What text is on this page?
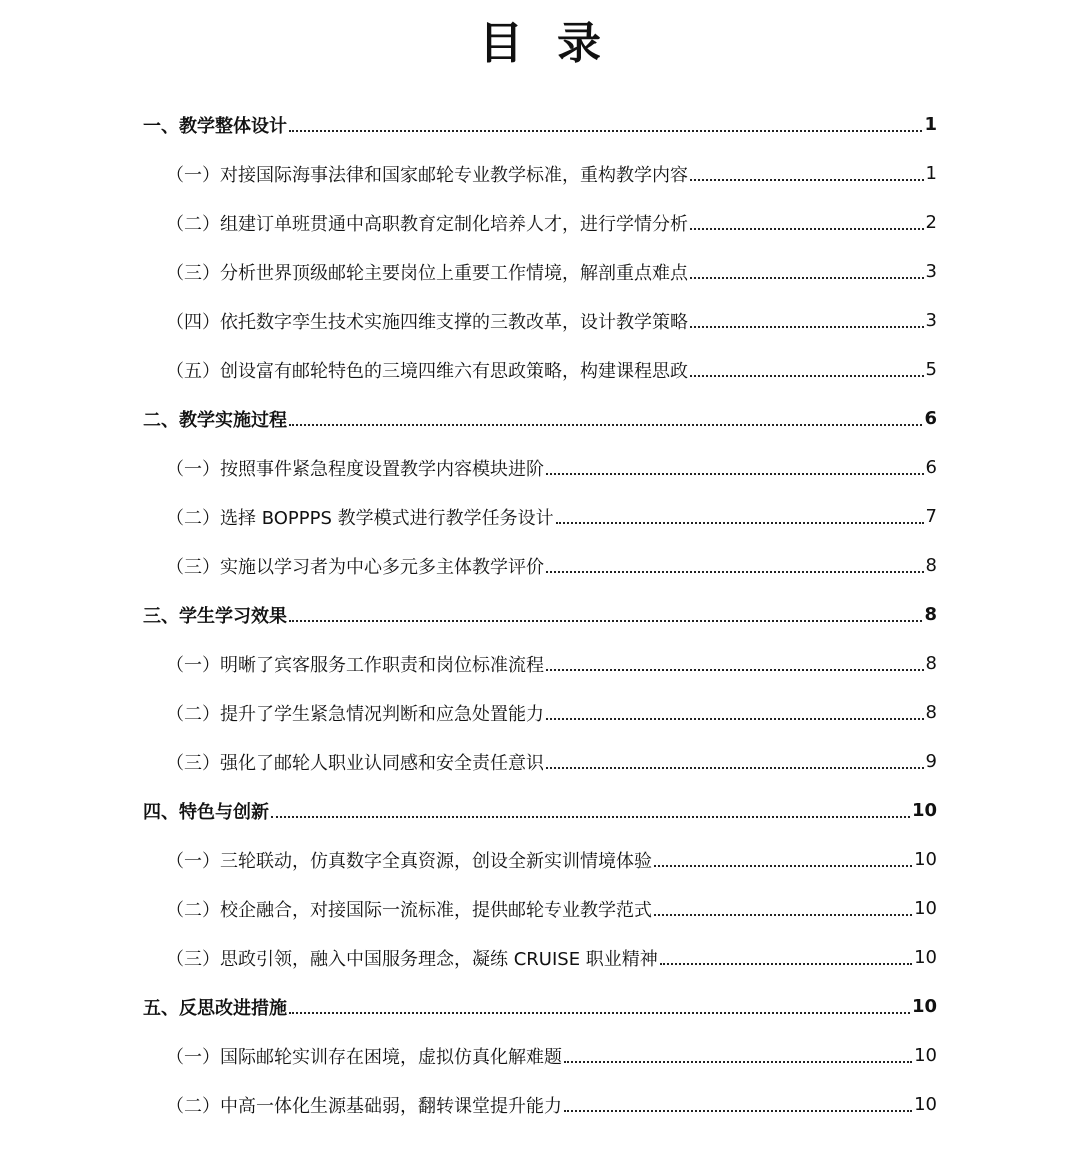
目 录
一、教学整体设计	1
（一）对接国际海事法律和国家邮轮专业教学标准，重构教学内容	1
（二）组建订单班贯通中高职教育定制化培养人才，进行学情分析	2
（三）分析世界顶级邮轮主要岗位上重要工作情境，解剖重点难点	3
（四）依托数字孪生技术实施四维支撑的三教改革，设计教学策略	3
（五）创设富有邮轮特色的三境四维六有思政策略，构建课程思政	5
二、教学实施过程	6
（一）按照事件紧急程度设置教学内容模块进阶	6
（二）选择 BOPPPS 教学模式进行教学任务设计	7
（三）实施以学习者为中心多元多主体教学评价	8
三、学生学习效果	8
（一）明晰了宾客服务工作职责和岗位标准流程	8
（二）提升了学生紧急情况判断和应急处置能力	8
（三）强化了邮轮人职业认同感和安全责任意识	9
四、特色与创新	10
（一）三轮联动，仿真数字全真资源，创设全新实训情境体验	10
（二）校企融合，对接国际一流标准，提供邮轮专业教学范式	10
（三）思政引领，融入中国服务理念，凝练 CRUISE 职业精神	10
五、反思改进措施	10
（一）国际邮轮实训存在困境，虚拟仿真化解难题	10
（二）中高一体化生源基础弱，翻转课堂提升能力	10
